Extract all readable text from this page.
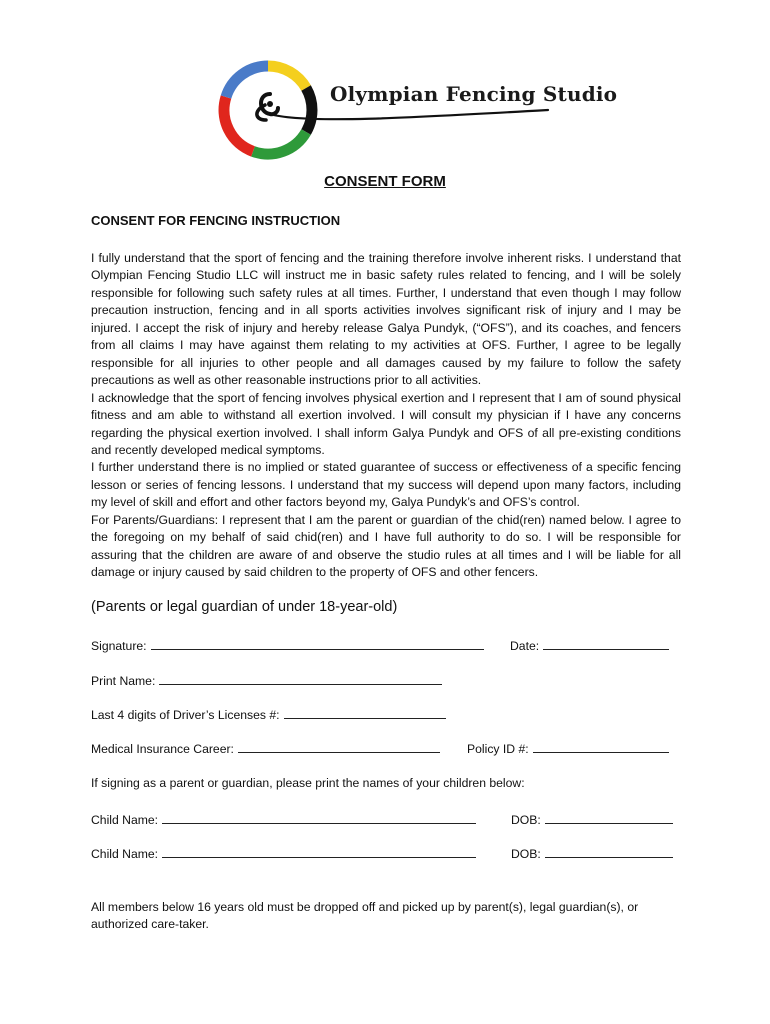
Olympian Fencing Studio
CONSENT FORM
CONSENT FOR FENCING INSTRUCTION

I fully understand that the sport of fencing and the training therefore involve inherent risks. I understand that Olympian Fencing Studio LLC will instruct me in basic safety rules related to fencing, and I will be solely responsible for following such safety rules at all times. Further, I understand that even though I may follow precaution instruction, fencing and in all sports activities involves significant risk of injury and I may be injured. I accept the risk of injury and hereby release Galya Pundyk, (“OFS”), and its coaches, and fencers from all claims I may have against them relating to my activities at OFS. Further, I agree to be legally responsible for all injuries to other people and all damages caused by my failure to follow the safety precautions as well as other reasonable instructions prior to all activities.

I acknowledge that the sport of fencing involves physical exertion and I represent that I am of sound physical fitness and am able to withstand all exertion involved. I will consult my physician if I have any concerns regarding the physical exertion involved. I shall inform Galya Pundyk and OFS of all pre-existing conditions and recently developed medical symptoms.

I further understand there is no implied or stated guarantee of success or effectiveness of a specific fencing lesson or series of fencing lessons. I understand that my success will depend upon many factors, including my level of skill and effort and other factors beyond my, Galya Pundyk’s and OFS’s control.

For Parents/Guardians: I represent that I am the parent or guardian of the chid(ren) named below. I agree to the foregoing on my behalf of said chid(ren) and I have full authority to do so. I will be responsible for assuring that the children are aware of and observe the studio rules at all times and I will be liable for all damage or injury caused by said children to the property of OFS and other fencers.

(Parents or legal guardian of under 18-year-old)
Signature:	Date:
Print Name:
Last 4 digits of Driver’s Licenses #:
Medical Insurance Career:	Policy ID #:
If signing as a parent or guardian, please print the names of your children below:
Child Name:	DOB:
Child Name:	DOB:
All members below 16 years old must be dropped off and picked up by parent(s), legal guardian(s), or authorized care-taker.
